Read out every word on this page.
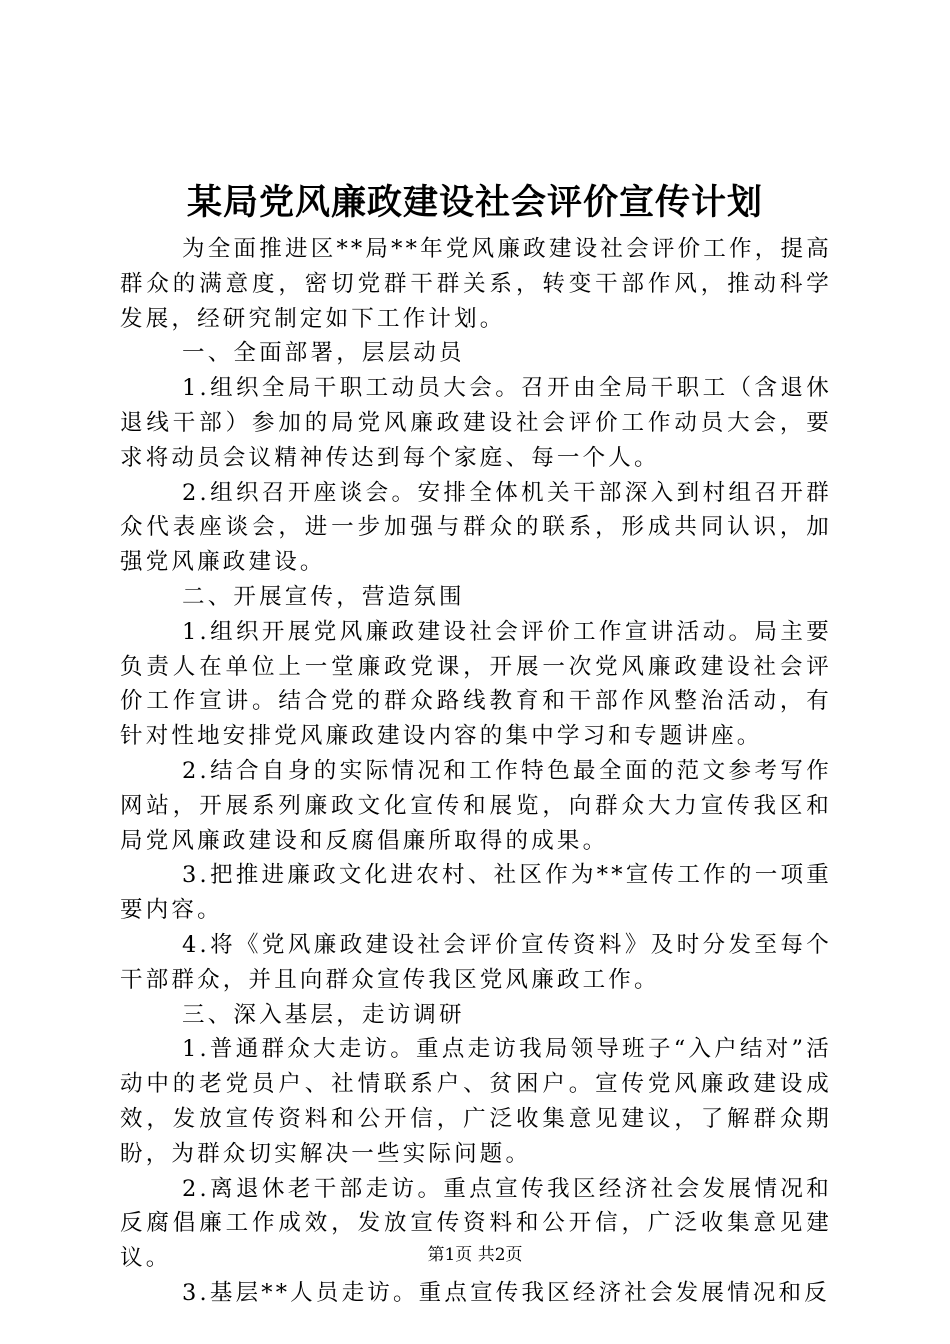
某局党风廉政建设社会评价宣传计划

为全面推进区**局**年党风廉政建设社会评价工作，提高群众的满意度，密切党群干群关系，转变干部作风，推动科学发展，经研究制定如下工作计划。

一、全面部署，层层动员

1.组织全局干职工动员大会。召开由全局干职工（含退休退线干部）参加的局党风廉政建设社会评价工作动员大会，要求将动员会议精神传达到每个家庭、每一个人。

2.组织召开座谈会。安排全体机关干部深入到村组召开群众代表座谈会，进一步加强与群众的联系，形成共同认识，加强党风廉政建设。

二、开展宣传，营造氛围

1.组织开展党风廉政建设社会评价工作宣讲活动。局主要负责人在单位上一堂廉政党课，开展一次党风廉政建设社会评价工作宣讲。结合党的群众路线教育和干部作风整治活动，有针对性地安排党风廉政建设内容的集中学习和专题讲座。

2.结合自身的实际情况和工作特色最全面的范文参考写作网站，开展系列廉政文化宣传和展览，向群众大力宣传我区和局党风廉政建设和反腐倡廉所取得的成果。

3.把推进廉政文化进农村、社区作为**宣传工作的一项重要内容。

4.将《党风廉政建设社会评价宣传资料》及时分发至每个干部群众，并且向群众宣传我区党风廉政工作。

三、深入基层，走访调研

1.普通群众大走访。重点走访我局领导班子“入户结对”活动中的老党员户、社情联系户、贫困户。宣传党风廉政建设成效，发放宣传资料和公开信，广泛收集意见建议，了解群众期盼，为群众切实解决一些实际问题。

2.离退休老干部走访。重点宣传我区经济社会发展情况和反腐倡廉工作成效，发放宣传资料和公开信，广泛收集意见建议。

3.基层**人员走访。重点宣传我区经济社会发展情况和反

第1页 共2页
